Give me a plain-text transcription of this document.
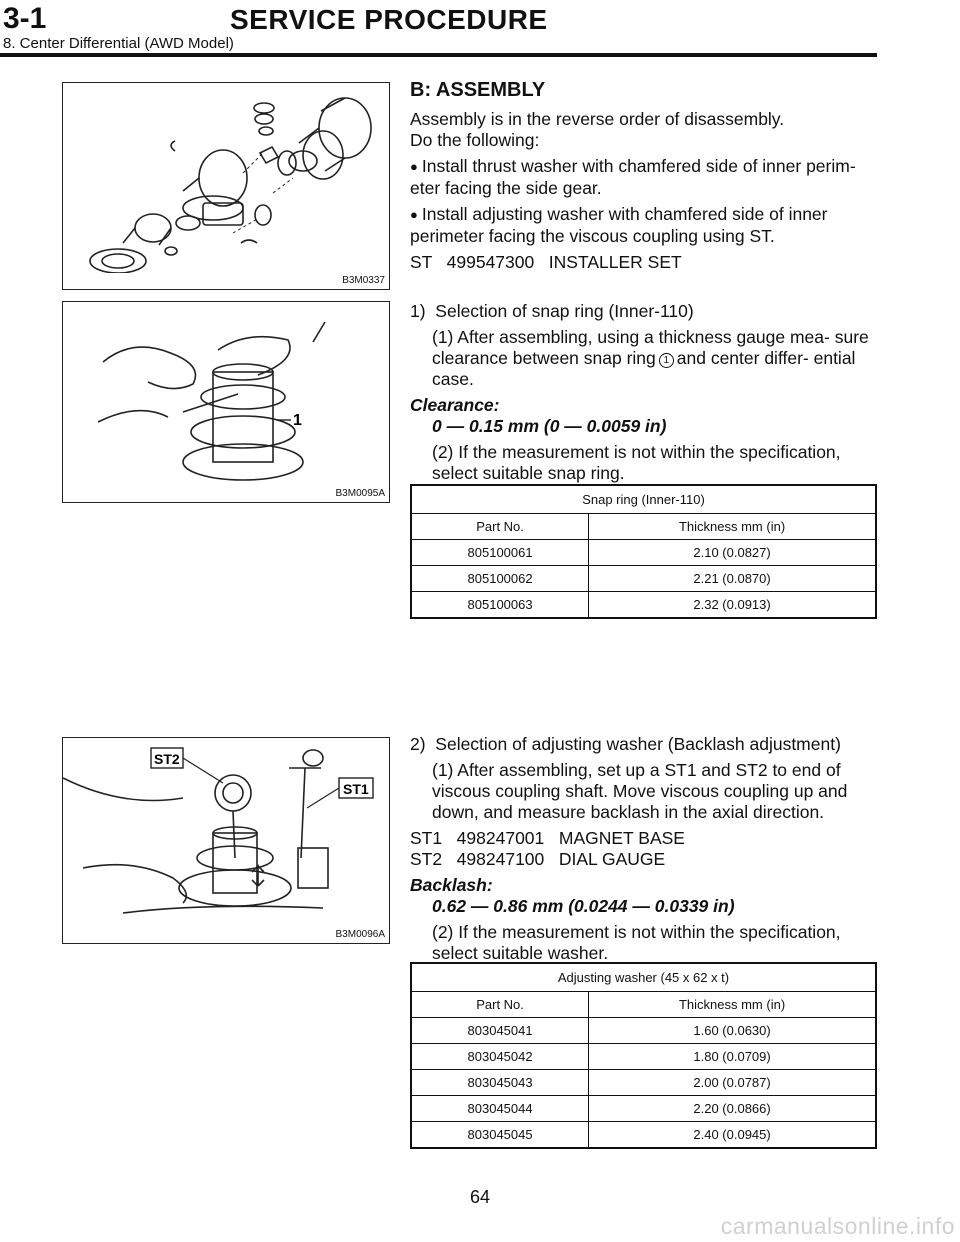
3-1	SERVICE PROCEDURE
8. Center Differential (AWD Model)
B3M0337
1
B3M0095A
ST2
ST1
B3M0096A
B: ASSEMBLY
Assembly is in the reverse order of disassembly.
Do the following:
● Install thrust washer with chamfered side of inner perim- eter facing the side gear.
● Install adjusting washer with chamfered side of inner perimeter facing the viscous coupling using ST.
ST   499547300   INSTALLER SET
1)  Selection of snap ring (Inner-110)
(1) After assembling, using a thickness gauge mea- sure clearance between snap ring 1 and center differ- ential case.
Clearance:
0 — 0.15 mm (0 — 0.0059 in)
(2) If the measurement is not within the specification, select suitable snap ring.
Snap ring (Inner-110)	
Part No.	Thickness mm (in)
805100061	2.10 (0.0827)
805100062	2.21 (0.0870)
805100063	2.32 (0.0913)
2)  Selection of adjusting washer (Backlash adjustment)
(1) After assembling, set up a ST1 and ST2 to end of viscous coupling shaft. Move viscous coupling up and down, and measure backlash in the axial direction.
ST1   498247001   MAGNET BASE
ST2   498247100   DIAL GAUGE
Backlash:
0.62 — 0.86 mm (0.0244 — 0.0339 in)
(2) If the measurement is not within the specification, select suitable washer.
Adjusting washer (45 x 62 x t)	
Part No.	Thickness mm (in)
803045041	1.60 (0.0630)
803045042	1.80 (0.0709)
803045043	2.00 (0.0787)
803045044	2.20 (0.0866)
803045045	2.40 (0.0945)
64
carmanualsonline.info
